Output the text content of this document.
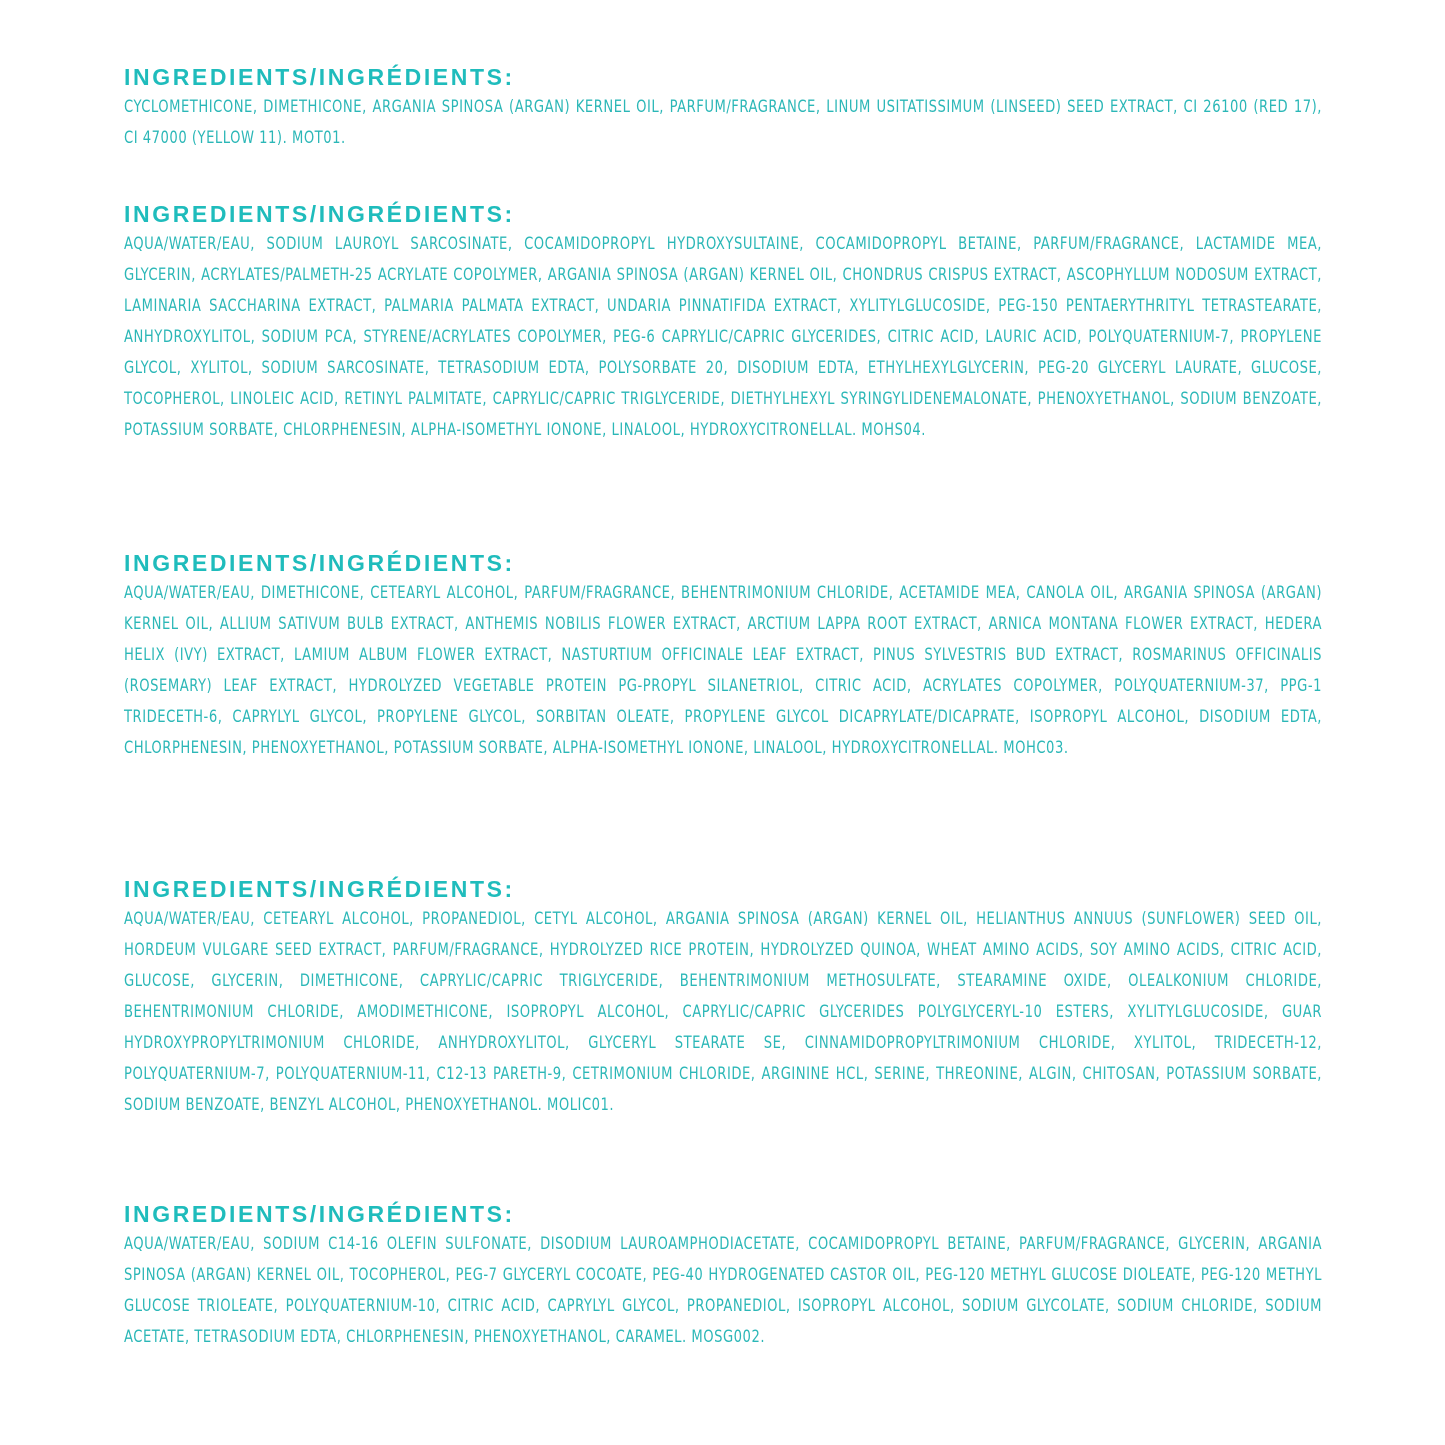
INGREDIENTS/INGRÉDIENTS:

CYCLOMETHICONE, DIMETHICONE, ARGANIA SPINOSA (ARGAN) KERNEL OIL, PARFUM/FRAGRANCE, LINUM USITATISSIMUM (LINSEED) SEED EXTRACT, CI 26100 (RED 17), CI 47000 (YELLOW 11). MOT01.

INGREDIENTS/INGRÉDIENTS:

AQUA/WATER/EAU, SODIUM LAUROYL SARCOSINATE, COCAMIDOPROPYL HYDROXYSULTAINE, COCAMIDOPROPYL BETAINE, PARFUM/FRAGRANCE, LACTAMIDE MEA, GLYCERIN, ACRYLATES/PALMETH-25 ACRYLATE COPOLYMER, ARGANIA SPINOSA (ARGAN) KERNEL OIL, CHONDRUS CRISPUS EXTRACT, ASCOPHYLLUM NODOSUM EXTRACT, LAMINARIA SACCHARINA EXTRACT, PALMARIA PALMATA EXTRACT, UNDARIA PINNATIFIDA EXTRACT, XYLITYLGLUCOSIDE, PEG-150 PENTAERYTHRITYL TETRASTEARATE, ANHYDROXYLITOL, SODIUM PCA, STYRENE/ACRYLATES COPOLYMER, PEG-6 CAPRYLIC/CAPRIC GLYCERIDES, CITRIC ACID, LAURIC ACID, POLYQUATERNIUM-7, PROPYLENE GLYCOL, XYLITOL, SODIUM SARCOSINATE, TETRASODIUM EDTA, POLYSORBATE 20, DISODIUM EDTA, ETHYLHEXYLGLYCERIN, PEG-20 GLYCERYL LAURATE, GLUCOSE, TOCOPHEROL, LINOLEIC ACID, RETINYL PALMITATE, CAPRYLIC/CAPRIC TRIGLYCERIDE, DIETHYLHEXYL SYRINGYLIDENEMALONATE, PHENOXYETHANOL, SODIUM BENZOATE, POTASSIUM SORBATE, CHLORPHENESIN, ALPHA-ISOMETHYL IONONE, LINALOOL, HYDROXYCITRONELLAL. MOHS04.

INGREDIENTS/INGRÉDIENTS:

AQUA/WATER/EAU, DIMETHICONE, CETEARYL ALCOHOL, PARFUM/FRAGRANCE, BEHENTRIMONIUM CHLORIDE, ACETAMIDE MEA, CANOLA OIL, ARGANIA SPINOSA (ARGAN) KERNEL OIL, ALLIUM SATIVUM BULB EXTRACT, ANTHEMIS NOBILIS FLOWER EXTRACT, ARCTIUM LAPPA ROOT EXTRACT, ARNICA MONTANA FLOWER EXTRACT, HEDERA HELIX (IVY) EXTRACT, LAMIUM ALBUM FLOWER EXTRACT, NASTURTIUM OFFICINALE LEAF EXTRACT, PINUS SYLVESTRIS BUD EXTRACT, ROSMARINUS OFFICINALIS (ROSEMARY) LEAF EXTRACT, HYDROLYZED VEGETABLE PROTEIN PG-PROPYL SILANETRIOL, CITRIC ACID, ACRYLATES COPOLYMER, POLYQUATERNIUM-37, PPG-1 TRIDECETH-6, CAPRYLYL GLYCOL, PROPYLENE GLYCOL, SORBITAN OLEATE, PROPYLENE GLYCOL DICAPRYLATE/DICAPRATE, ISOPROPYL ALCOHOL, DISODIUM EDTA, CHLORPHENESIN, PHENOXYETHANOL, POTASSIUM SORBATE, ALPHA-ISOMETHYL IONONE, LINALOOL, HYDROXYCITRONELLAL. MOHC03.

INGREDIENTS/INGRÉDIENTS:

AQUA/WATER/EAU, CETEARYL ALCOHOL, PROPANEDIOL, CETYL ALCOHOL, ARGANIA SPINOSA (ARGAN) KERNEL OIL, HELIANTHUS ANNUUS (SUNFLOWER) SEED OIL, HORDEUM VULGARE SEED EXTRACT, PARFUM/FRAGRANCE, HYDROLYZED RICE PROTEIN, HYDROLYZED QUINOA, WHEAT AMINO ACIDS, SOY AMINO ACIDS, CITRIC ACID, GLUCOSE, GLYCERIN, DIMETHICONE, CAPRYLIC/CAPRIC TRIGLYCERIDE, BEHENTRIMONIUM METHOSULFATE, STEARAMINE OXIDE, OLEALKONIUM CHLORIDE, BEHENTRIMONIUM CHLORIDE, AMODIMETHICONE, ISOPROPYL ALCOHOL, CAPRYLIC/CAPRIC GLYCERIDES POLYGLYCERYL-10 ESTERS, XYLITYLGLUCOSIDE, GUAR HYDROXYPROPYLTRIMONIUM CHLORIDE, ANHYDROXYLITOL, GLYCERYL STEARATE SE, CINNAMIDOPROPYLTRIMONIUM CHLORIDE, XYLITOL, TRIDECETH-12, POLYQUATERNIUM-7, POLYQUATERNIUM-11, C12-13 PARETH-9, CETRIMONIUM CHLORIDE, ARGININE HCL, SERINE, THREONINE, ALGIN, CHITOSAN, POTASSIUM SORBATE, SODIUM BENZOATE, BENZYL ALCOHOL, PHENOXYETHANOL. MOLIC01.

INGREDIENTS/INGRÉDIENTS:

AQUA/WATER/EAU, SODIUM C14-16 OLEFIN SULFONATE, DISODIUM LAUROAMPHODIACETATE, COCAMIDOPROPYL BETAINE, PARFUM/FRAGRANCE, GLYCERIN, ARGANIA SPINOSA (ARGAN) KERNEL OIL, TOCOPHEROL, PEG-7 GLYCERYL COCOATE, PEG-40 HYDROGENATED CASTOR OIL, PEG-120 METHYL GLUCOSE DIOLEATE, PEG-120 METHYL GLUCOSE TRIOLEATE, POLYQUATERNIUM-10, CITRIC ACID, CAPRYLYL GLYCOL, PROPANEDIOL, ISOPROPYL ALCOHOL, SODIUM GLYCOLATE, SODIUM CHLORIDE, SODIUM ACETATE, TETRASODIUM EDTA, CHLORPHENESIN, PHENOXYETHANOL, CARAMEL. MOSG002.
